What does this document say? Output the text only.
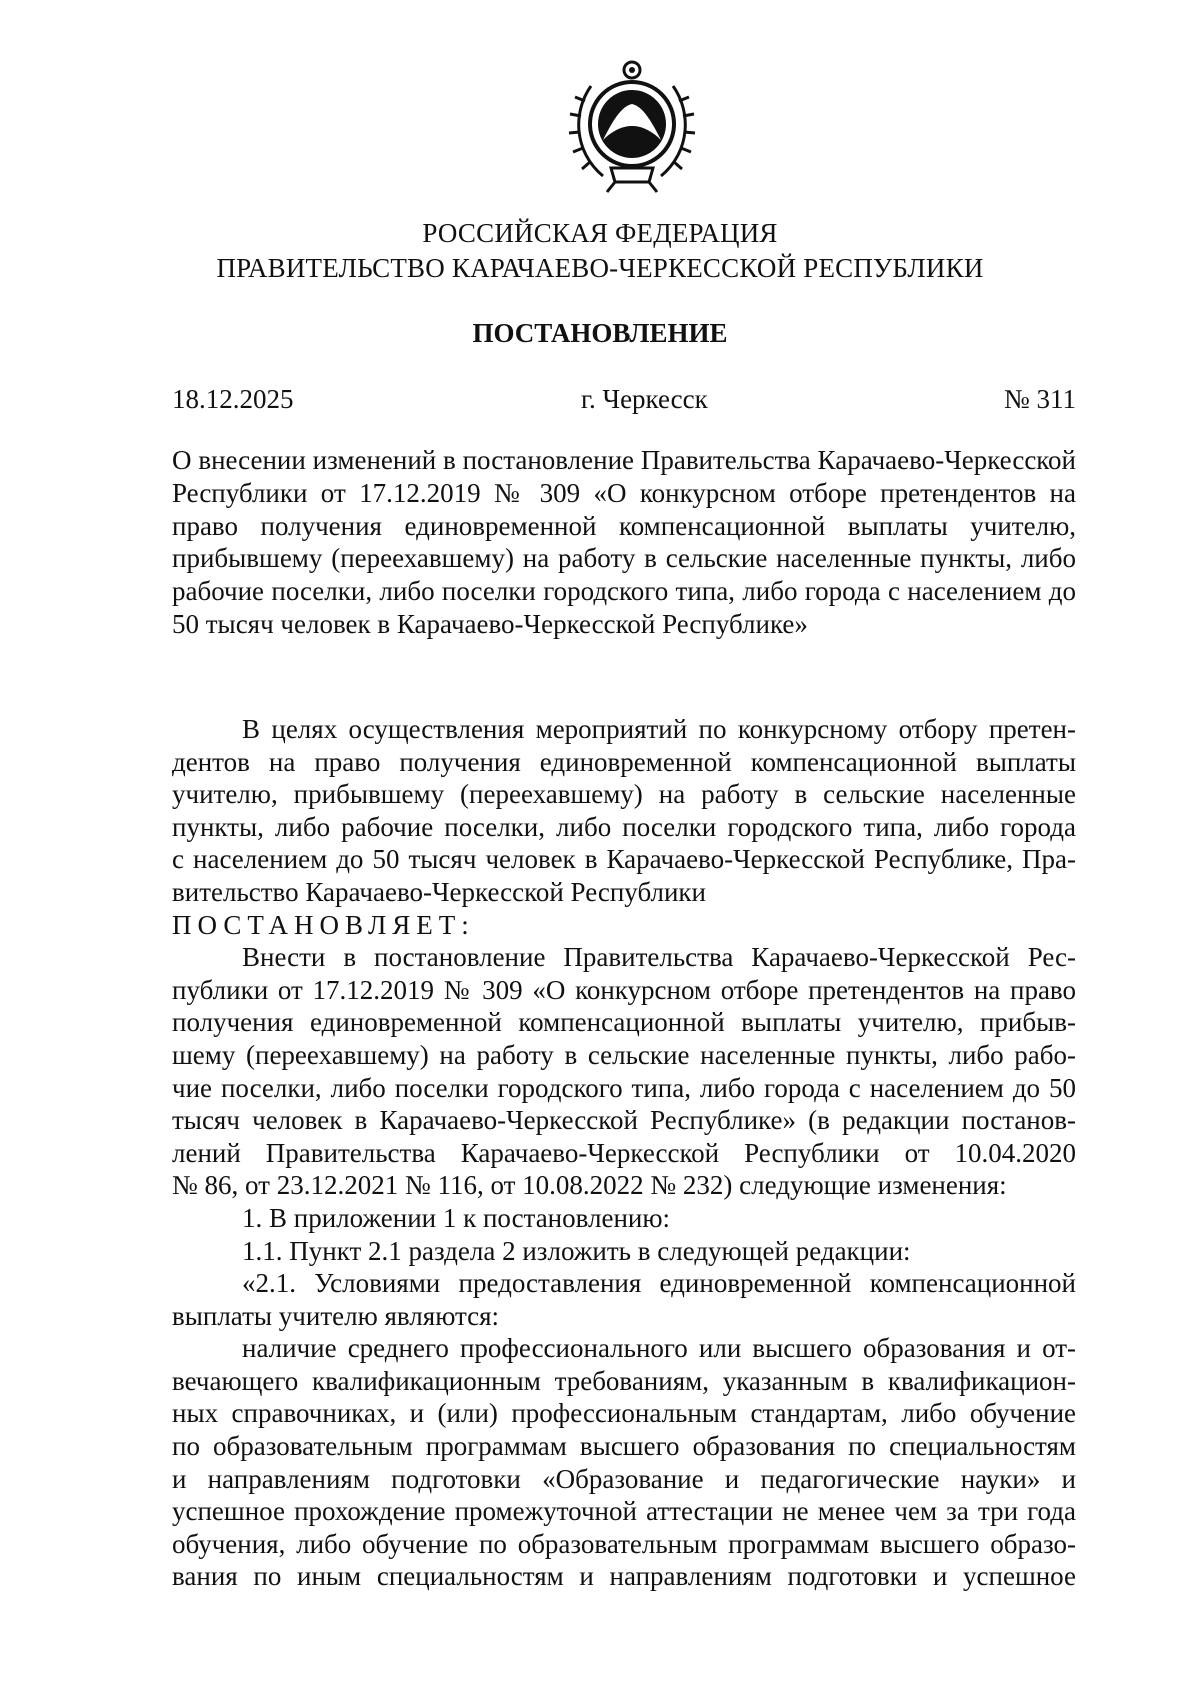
РОССИЙСКАЯ ФЕДЕРАЦИЯ
ПРАВИТЕЛЬСТВО КАРАЧАЕВО-ЧЕРКЕССКОЙ РЕСПУБЛИКИ
ПОСТАНОВЛЕНИЕ
18.12.2025	г. Черкесск	№ 311
О внесении изменений в постановление Правительства Карачаево-Черкесской Республики от 17.12.2019 № 309 «О конкурсном отборе претендентов на право получения единовременной компенсационной выплаты учителю, прибывшему (переехавшему) на работу в сельские населенные пункты, либо рабочие поселки, либо поселки городского типа, либо города с населением до 50 тысяч человек в Карачаево-Черкесской Республике»

В целях осуществления мероприятий по конкурсному отбору претен-

дентов на право получения единовременной компенсационной выплаты

учителю, прибывшему (переехавшему) на работу в сельские населенные

пункты, либо рабочие поселки, либо поселки городского типа, либо города

с населением до 50 тысяч человек в Карачаево-Черкесской Республике, Пра-

вительство Карачаево-Черкесской Республики

ПОСТАНОВЛЯЕТ:

Внести в постановление Правительства Карачаево-Черкесской Рес-

публики от 17.12.2019 № 309 «О конкурсном отборе претендентов на право

получения единовременной компенсационной выплаты учителю, прибыв-

шему (переехавшему) на работу в сельские населенные пункты, либо рабо-

чие поселки, либо поселки городского типа, либо города с населением до 50

тысяч человек в Карачаево-Черкесской Республике» (в редакции постанов-

лений Правительства Карачаево-Черкесской Республики от 10.04.2020

№ 86, от 23.12.2021 № 116, от 10.08.2022 № 232) следующие изменения:

1. В приложении 1 к постановлению:

1.1. Пункт 2.1 раздела 2 изложить в следующей редакции:

«2.1. Условиями предоставления единовременной компенсационной

выплаты учителю являются:

наличие среднего профессионального или высшего образования и от-

вечающего квалификационным требованиям, указанным в квалификацион-

ных справочниках, и (или) профессиональным стандартам, либо обучение

по образовательным программам высшего образования по специальностям

и направлениям подготовки «Образование и педагогические науки» и

успешное прохождение промежуточной аттестации не менее чем за три года

обучения, либо обучение по образовательным программам высшего образо-

вания по иным специальностям и направлениям подготовки и успешное
